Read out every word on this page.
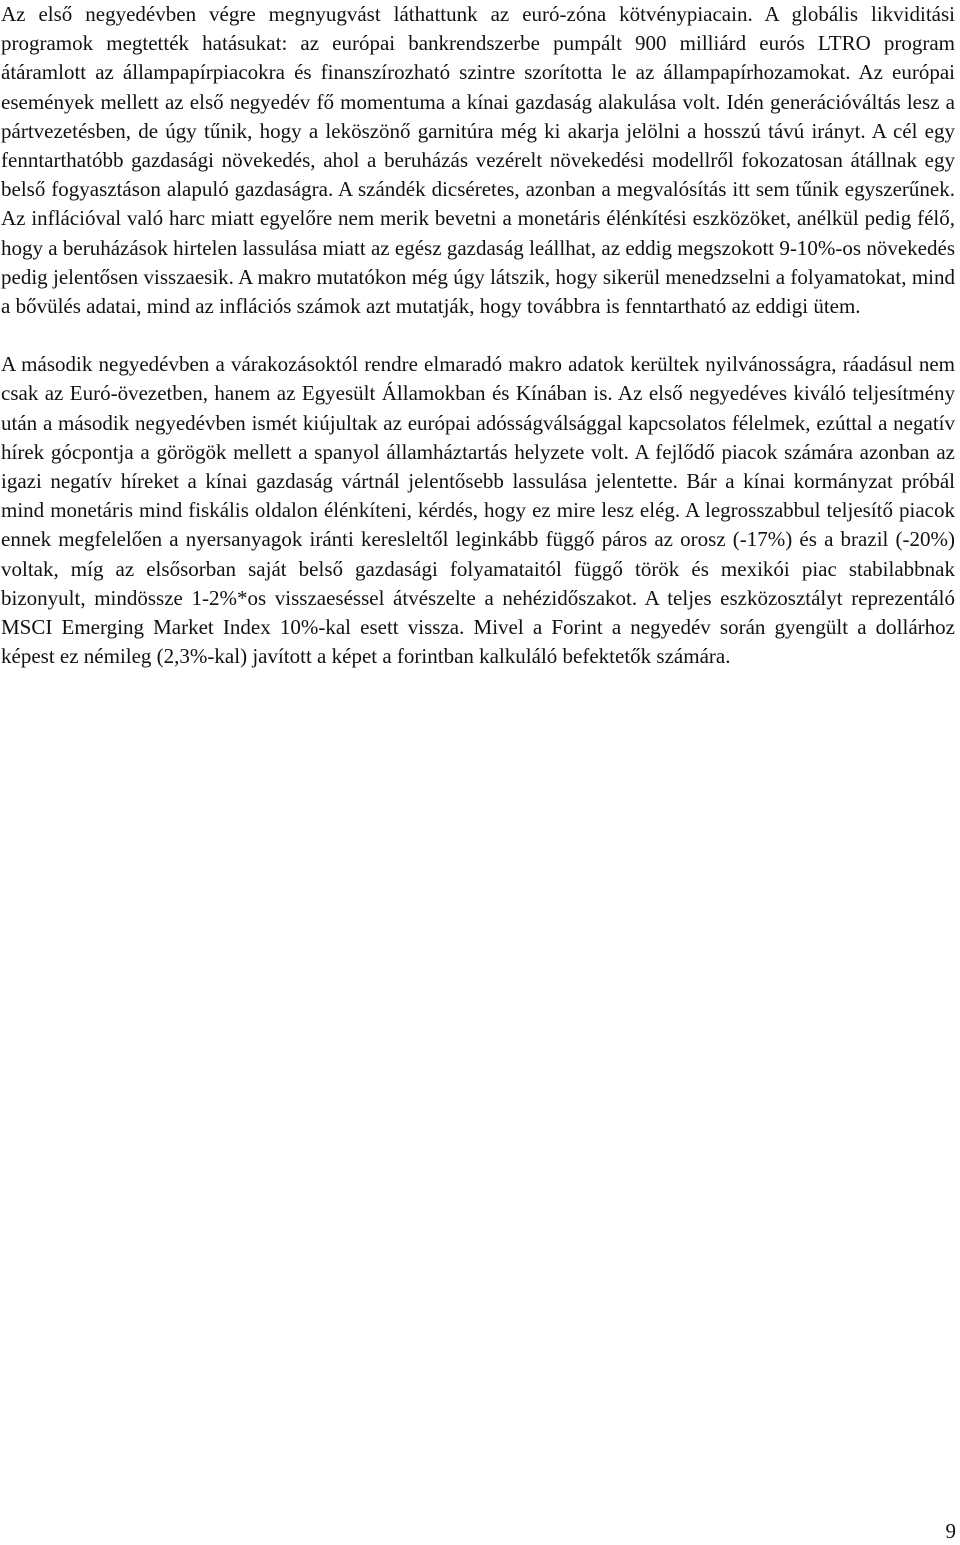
Az első negyedévben végre megnyugvást láthattunk az euró-zóna kötvénypiacain. A globális likviditási programok megtették hatásukat: az európai bankrendszerbe pumpált 900 milliárd eurós LTRO program átáramlott az állampapírpiacokra és finanszírozható szintre szorította le az állampapírhozamokat. Az európai események mellett az első negyedév fő momentuma a kínai gazdaság alakulása volt. Idén generációváltás lesz a pártvezetésben, de úgy tűnik, hogy a leköszönő garnitúra még ki akarja jelölni a hosszú távú irányt. A cél egy fenntarthatóbb gazdasági növekedés, ahol a beruházás vezérelt növekedési modellről fokozatosan átállnak egy belső fogyasztáson alapuló gazdaságra. A szándék dicséretes, azonban a megvalósítás itt sem tűnik egyszerűnek. Az inflációval való harc miatt egyelőre nem merik bevetni a monetáris élénkítési eszközöket, anélkül pedig félő, hogy a beruházások hirtelen lassulása miatt az egész gazdaság leállhat, az eddig megszokott 9-10%-os növekedés pedig jelentősen visszaesik. A makro mutatókon még úgy látszik, hogy sikerül menedzselni a folyamatokat, mind a bővülés adatai, mind az inflációs számok azt mutatják, hogy továbbra is fenntartható az eddigi ütem.

A második negyedévben a várakozásoktól rendre elmaradó makro adatok kerültek nyilvánosságra, ráadásul nem csak az Euró-övezetben, hanem az Egyesült Államokban és Kínában is. Az első negyedéves kiváló teljesítmény után a második negyedévben ismét kiújultak az európai adósságválsággal kapcsolatos félelmek, ezúttal a negatív hírek gócpontja a görögök mellett a spanyol államháztartás helyzete volt. A fejlődő piacok számára azonban az igazi negatív híreket a kínai gazdaság vártnál jelentősebb lassulása jelentette. Bár a kínai kormányzat próbál mind monetáris mind fiskális oldalon élénkíteni, kérdés, hogy ez mire lesz elég. A legrosszabbul teljesítő piacok ennek megfelelően a nyersanyagok iránti keresleltől leginkább függő páros az orosz (-17%) és a brazil (-20%) voltak, míg az elsősorban saját belső gazdasági folyamataitól függő török és mexikói piac stabilabbnak bizonyult, mindössze 1-2%*os visszaeséssel átvészelte a nehézidőszakot. A teljes eszközosztályt reprezentáló MSCI Emerging Market Index 10%-kal esett vissza. Mivel a Forint a negyedév során gyengült a dollárhoz képest ez némileg (2,3%-kal) javított a képet a forintban kalkuláló befektetők számára.

9
